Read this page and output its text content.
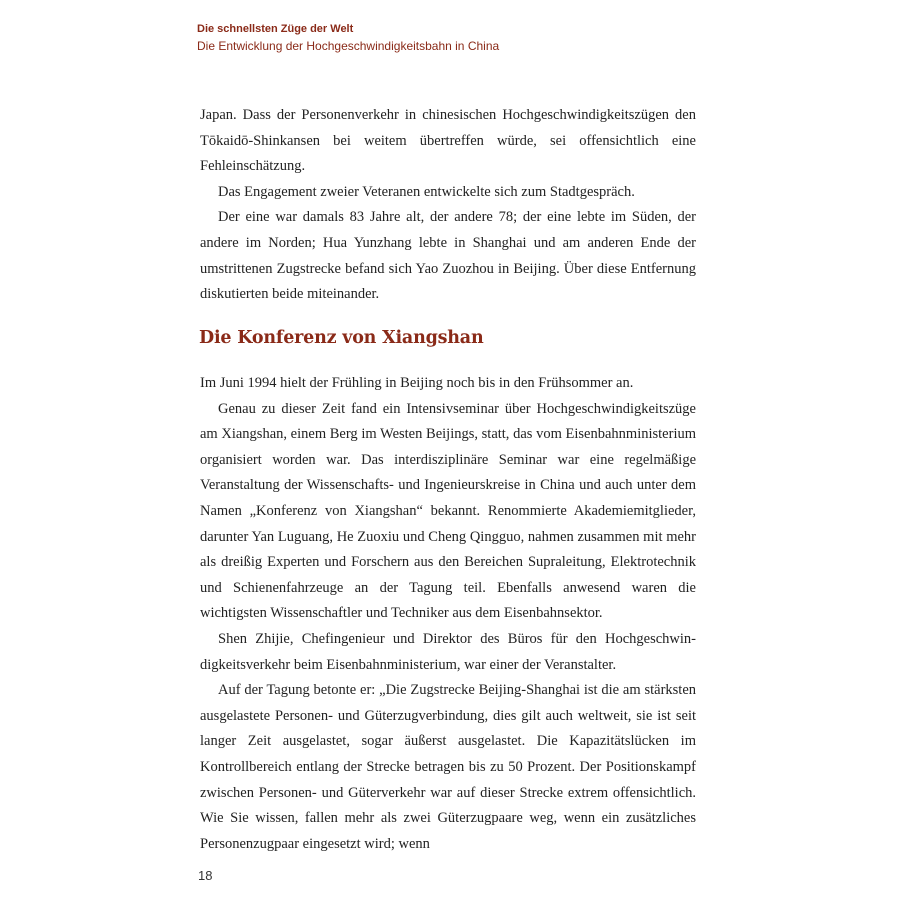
Die schnellsten Züge der Welt
Die Entwicklung der Hochgeschwindigkeitsbahn in China

Japan. Dass der Personenverkehr in chinesischen Hochgeschwindigkeitszügen den Tōkaidō-Shinkansen bei weitem übertreffen würde, sei offensichtlich eine Fehleinschätzung.

Das Engagement zweier Veteranen entwickelte sich zum Stadtgespräch.

Der eine war damals 83 Jahre alt, der andere 78; der eine lebte im Süden, der andere im Norden; Hua Yunzhang lebte in Shanghai und am anderen Ende der umstrittenen Zugstrecke befand sich Yao Zuozhou in Beijing. Über diese Entfernung diskutierten beide miteinander.

Die Konferenz von Xiangshan

Im Juni 1994 hielt der Frühling in Beijing noch bis in den Frühsommer an.

Genau zu dieser Zeit fand ein Intensivseminar über Hochgeschwindigkeitszüge am Xiangshan, einem Berg im Westen Beijings, statt, das vom Eisenbahnministerium organisiert worden war. Das interdisziplinäre Seminar war eine regelmäßige Veranstaltung der Wissenschafts- und Ingenieurskreise in China und auch unter dem Namen „Konferenz von Xiangshan“ bekannt. Renommierte Akademiemitglieder, darunter Yan Luguang, He Zuoxiu und Cheng Qingguo, nahmen zusammen mit mehr als dreißig Experten und Forschern aus den Bereichen Supraleitung, Elektrotechnik und Schienenfahrzeuge an der Tagung teil. Ebenfalls anwesend waren die wichtigsten Wissenschaftler und Techniker aus dem Eisenbahnsektor.

Shen Zhijie, Chefingenieur und Direktor des Büros für den Hochgeschwindigkeitsverkehr beim Eisenbahnministerium, war einer der Veranstalter.

Auf der Tagung betonte er: „Die Zugstrecke Beijing-Shanghai ist die am stärksten ausgelastete Personen- und Güterzugverbindung, dies gilt auch weltweit, sie ist seit langer Zeit ausgelastet, sogar äußerst ausgelastet. Die Kapazitätslücken im Kontrollbereich entlang der Strecke betragen bis zu 50 Prozent. Der Positionskampf zwischen Personen- und Güterverkehr war auf dieser Strecke extrem offensichtlich. Wie Sie wissen, fallen mehr als zwei Güterzugpaare weg, wenn ein zusätzliches Personenzugpaar eingesetzt wird; wenn

18
